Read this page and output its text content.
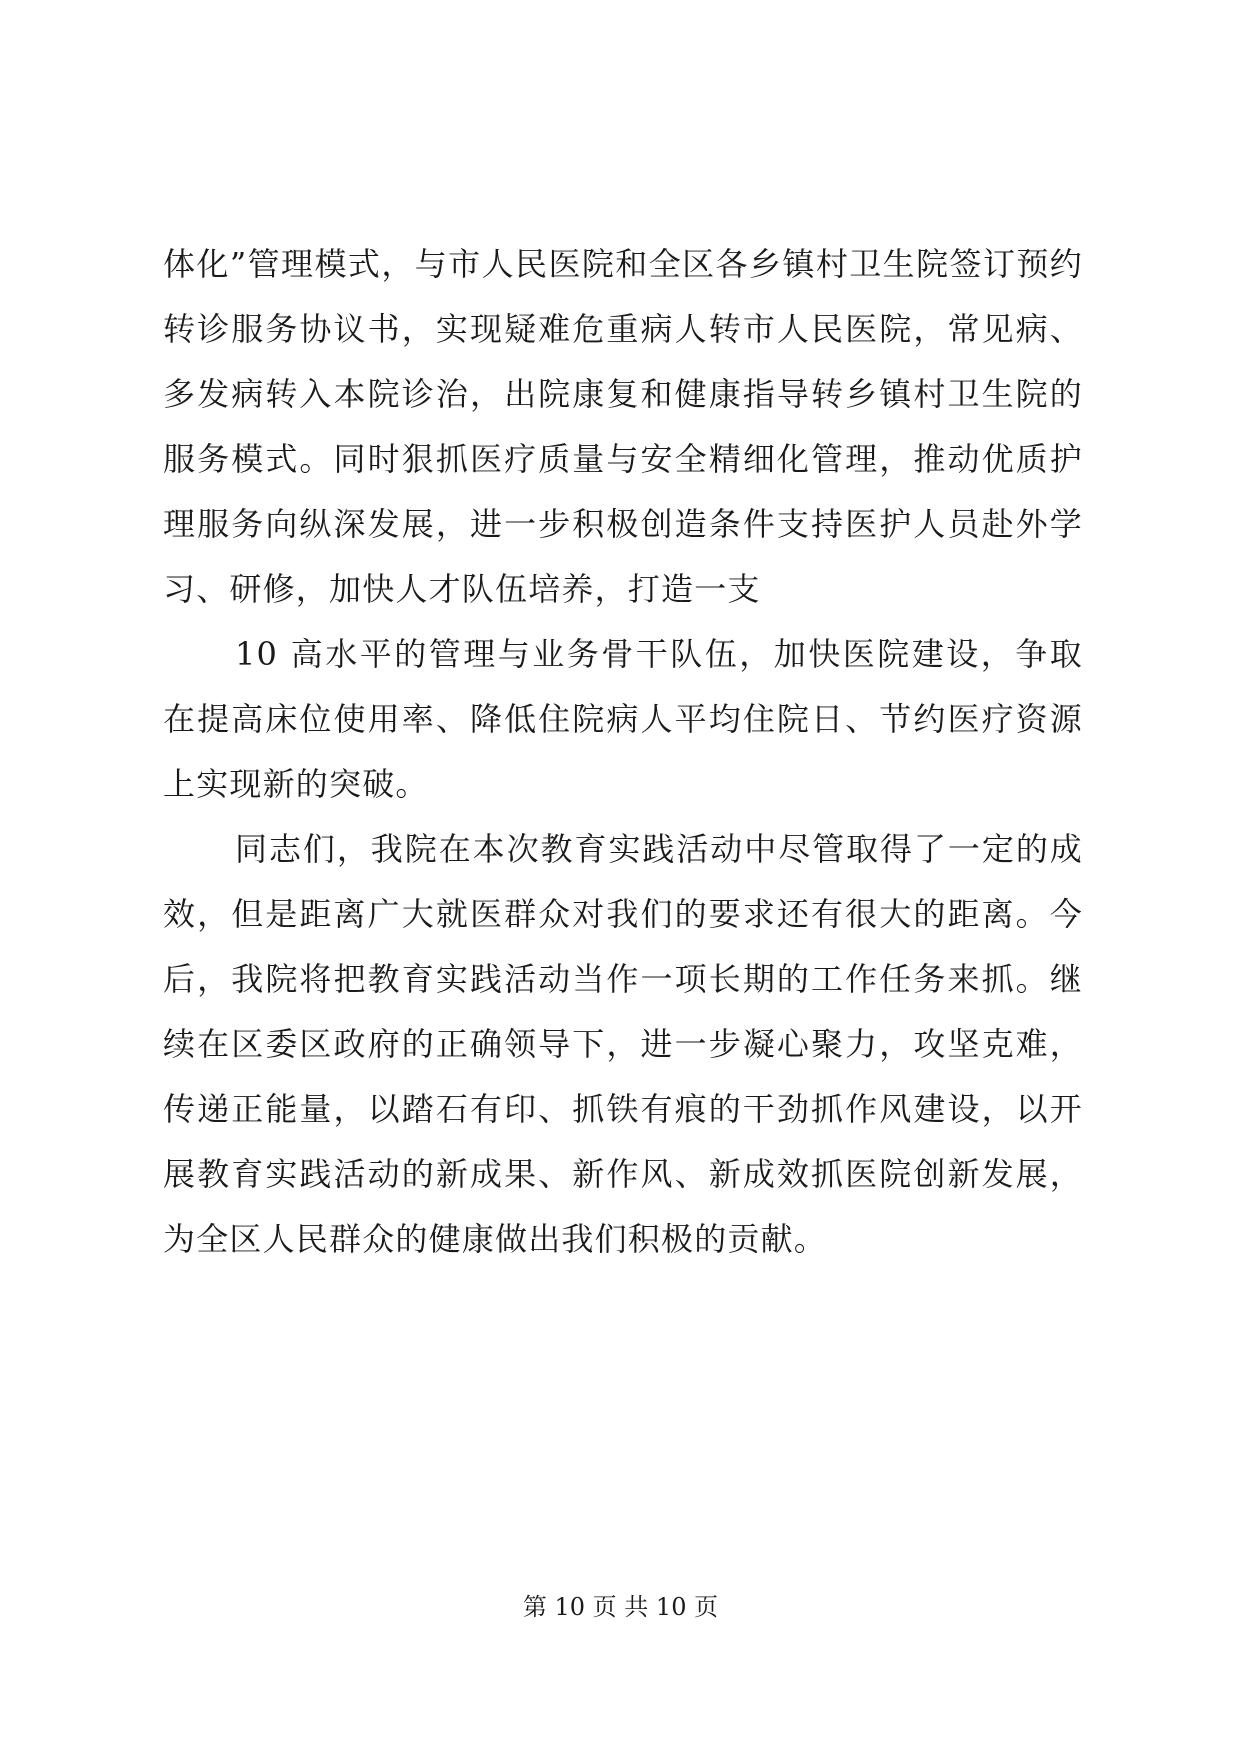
体化”管理模式，与市人民医院和全区各乡镇村卫生院签订预约转诊服务协议书，实现疑难危重病人转市人民医院，常见病、多发病转入本院诊治，出院康复和健康指导转乡镇村卫生院的服务模式。同时狠抓医疗质量与安全精细化管理，推动优质护理服务向纵深发展，进一步积极创造条件支持医护人员赴外学习、研修，加快人才队伍培养，打造一支

10 高水平的管理与业务骨干队伍，加快医院建设，争取在提高床位使用率、降低住院病人平均住院日、节约医疗资源上实现新的突破。

同志们，我院在本次教育实践活动中尽管取得了一定的成效，但是距离广大就医群众对我们的要求还有很大的距离。今后，我院将把教育实践活动当作一项长期的工作任务来抓。继续在区委区政府的正确领导下，进一步凝心聚力，攻坚克难，传递正能量，以踏石有印、抓铁有痕的干劲抓作风建设，以开展教育实践活动的新成果、新作风、新成效抓医院创新发展，为全区人民群众的健康做出我们积极的贡献。

第 10 页 共 10 页
